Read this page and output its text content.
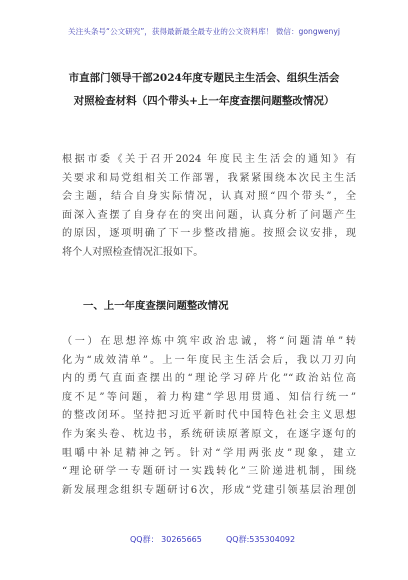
关注头条号“公文研究”，获得最新最全最专业的公文资料库！ 微信：gongwenyj
市直部门领导干部2024年度专题民主生活会、组织生活会
对照检查材料（四个带头+上一年度查摆问题整改情况）
根据市委《关于召开2024 年度民主生活会的通知》有
关要求和局党组相关工作部署，我紧紧围绕本次民主生活
会主题，结合自身实际情况，认真对照“四个带头”，全
面深入查摆了自身存在的突出问题，认真分析了问题产生
的原因，逐项明确了下一步整改措施。按照会议安排，现
将个人对照检查情况汇报如下。
一、上一年度查摆问题整改情况
（一）在思想淬炼中筑牢政治忠诚，将“问题清单”转
化为“成效清单”。上一年度民主生活会后，我以刀刃向
内的勇气直面查摆出的“理论学习碎片化”“政治站位高
度不足”等问题，着力构建“学思用贯通、知信行统一”
的整改闭环。坚持把习近平新时代中国特色社会主义思想
作为案头卷、枕边书，系统研读原著原文，在逐字逐句的
咀嚼中补足精神之钙。针对“学用两张皮”现象，建立
“理论研学一专题研讨一实践转化”三阶递进机制，围绕
新发展理念组织专题研讨6次，形成“党建引领基层治理创
QQ群： 30265665	QQ群:535304092
